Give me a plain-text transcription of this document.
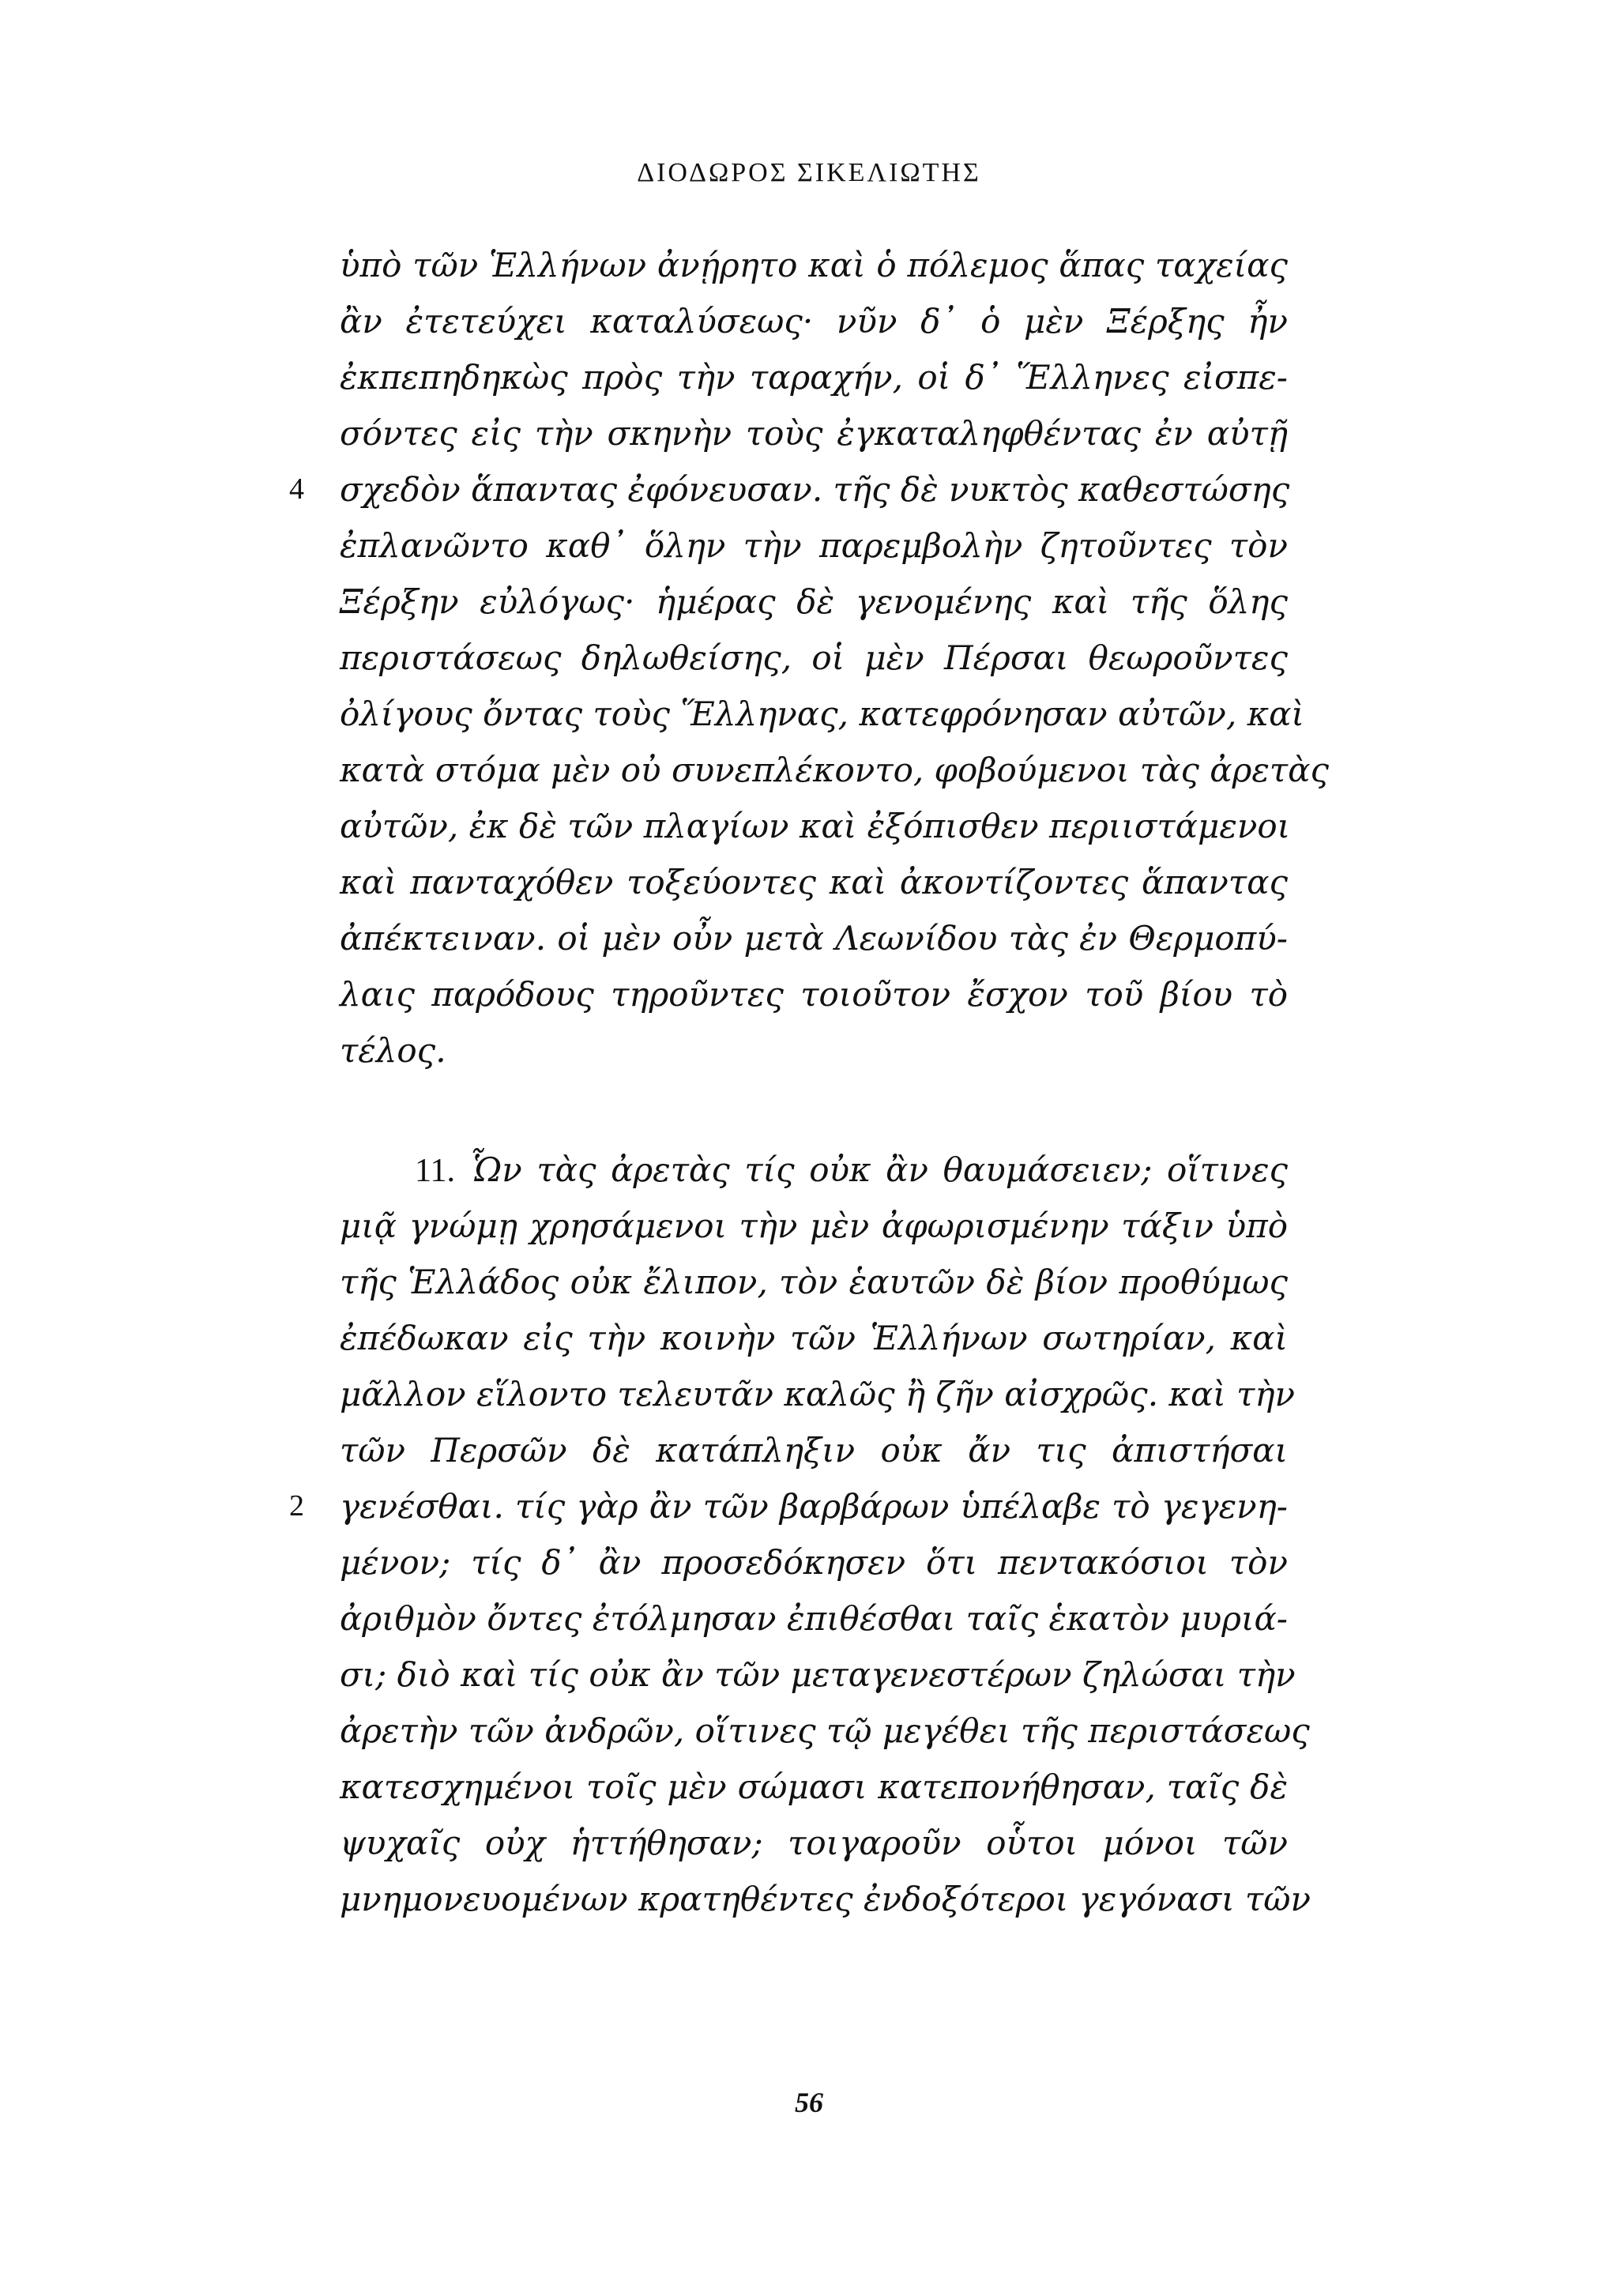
ΔΙΟΔΩΡΟΣ ΣΙΚΕΛΙΩΤΗΣ
ὑπὸ τῶν Ἑλλήνων ἀνῄρητο καὶ ὁ πόλεμος ἅπας ταχείας
ἂν ἐτετεύχει καταλύσεως· νῦν δ᾿ ὁ μὲν Ξέρξης ἦν
ἐκπεπηδηκὼς πρὸς τὴν ταραχήν, οἱ δ᾿ Ἕλληνες εἰσπε-
σόντες εἰς τὴν σκηνὴν τοὺς ἐγκαταληφθέντας ἐν αὐτῇ
4 σχεδὸν ἅπαντας ἐφόνευσαν. τῆς δὲ νυκτὸς καθεστώσης
ἐπλανῶντο καθ᾿ ὅλην τὴν παρεμβολὴν ζητοῦντες τὸν
Ξέρξην εὐλόγως· ἡμέρας δὲ γενομένης καὶ τῆς ὅλης
περιστάσεως δηλωθείσης, οἱ μὲν Πέρσαι θεωροῦντες
ὀλίγους ὄντας τοὺς Ἕλληνας, κατεφρόνησαν αὐτῶν, καὶ
κατὰ στόμα μὲν οὐ συνεπλέκοντο, φοβούμενοι τὰς ἀρετὰς
αὐτῶν, ἐκ δὲ τῶν πλαγίων καὶ ἐξόπισθεν περιιστάμενοι
καὶ πανταχόθεν τοξεύοντες καὶ ἀκοντίζοντες ἅπαντας
ἀπέκτειναν. οἱ μὲν οὖν μετὰ Λεωνίδου τὰς ἐν Θερμοπύ-
λαις παρόδους τηροῦντες τοιοῦτον ἔσχον τοῦ βίου τὸ
τέλος.
11. Ὧν τὰς ἀρετὰς τίς οὐκ ἂν θαυμάσειεν; οἵτινες
μιᾷ γνώμῃ χρησάμενοι τὴν μὲν ἀφωρισμένην τάξιν ὑπὸ
τῆς Ἑλλάδος οὐκ ἔλιπον, τὸν ἑαυτῶν δὲ βίον προθύμως
ἐπέδωκαν εἰς τὴν κοινὴν τῶν Ἑλλήνων σωτηρίαν, καὶ
μᾶλλον εἵλοντο τελευτᾶν καλῶς ἢ ζῆν αἰσχρῶς. καὶ τὴν
τῶν Περσῶν δὲ κατάπληξιν οὐκ ἄν τις ἀπιστήσαι
2 γενέσθαι. τίς γὰρ ἂν τῶν βαρβάρων ὑπέλαβε τὸ γεγενη-
μένον; τίς δ᾿ ἂν προσεδόκησεν ὅτι πεντακόσιοι τὸν
ἀριθμὸν ὄντες ἐτόλμησαν ἐπιθέσθαι ταῖς ἑκατὸν μυριά-
σι; διὸ καὶ τίς οὐκ ἂν τῶν μεταγενεστέρων ζηλώσαι τὴν
ἀρετὴν τῶν ἀνδρῶν, οἵτινες τῷ μεγέθει τῆς περιστάσεως
κατεσχημένοι τοῖς μὲν σώμασι κατεπονήθησαν, ταῖς δὲ
ψυχαῖς οὐχ ἡττήθησαν; τοιγαροῦν οὗτοι μόνοι τῶν
μνημονευομένων κρατηθέντες ἐνδοξότεροι γεγόνασι τῶν
56
